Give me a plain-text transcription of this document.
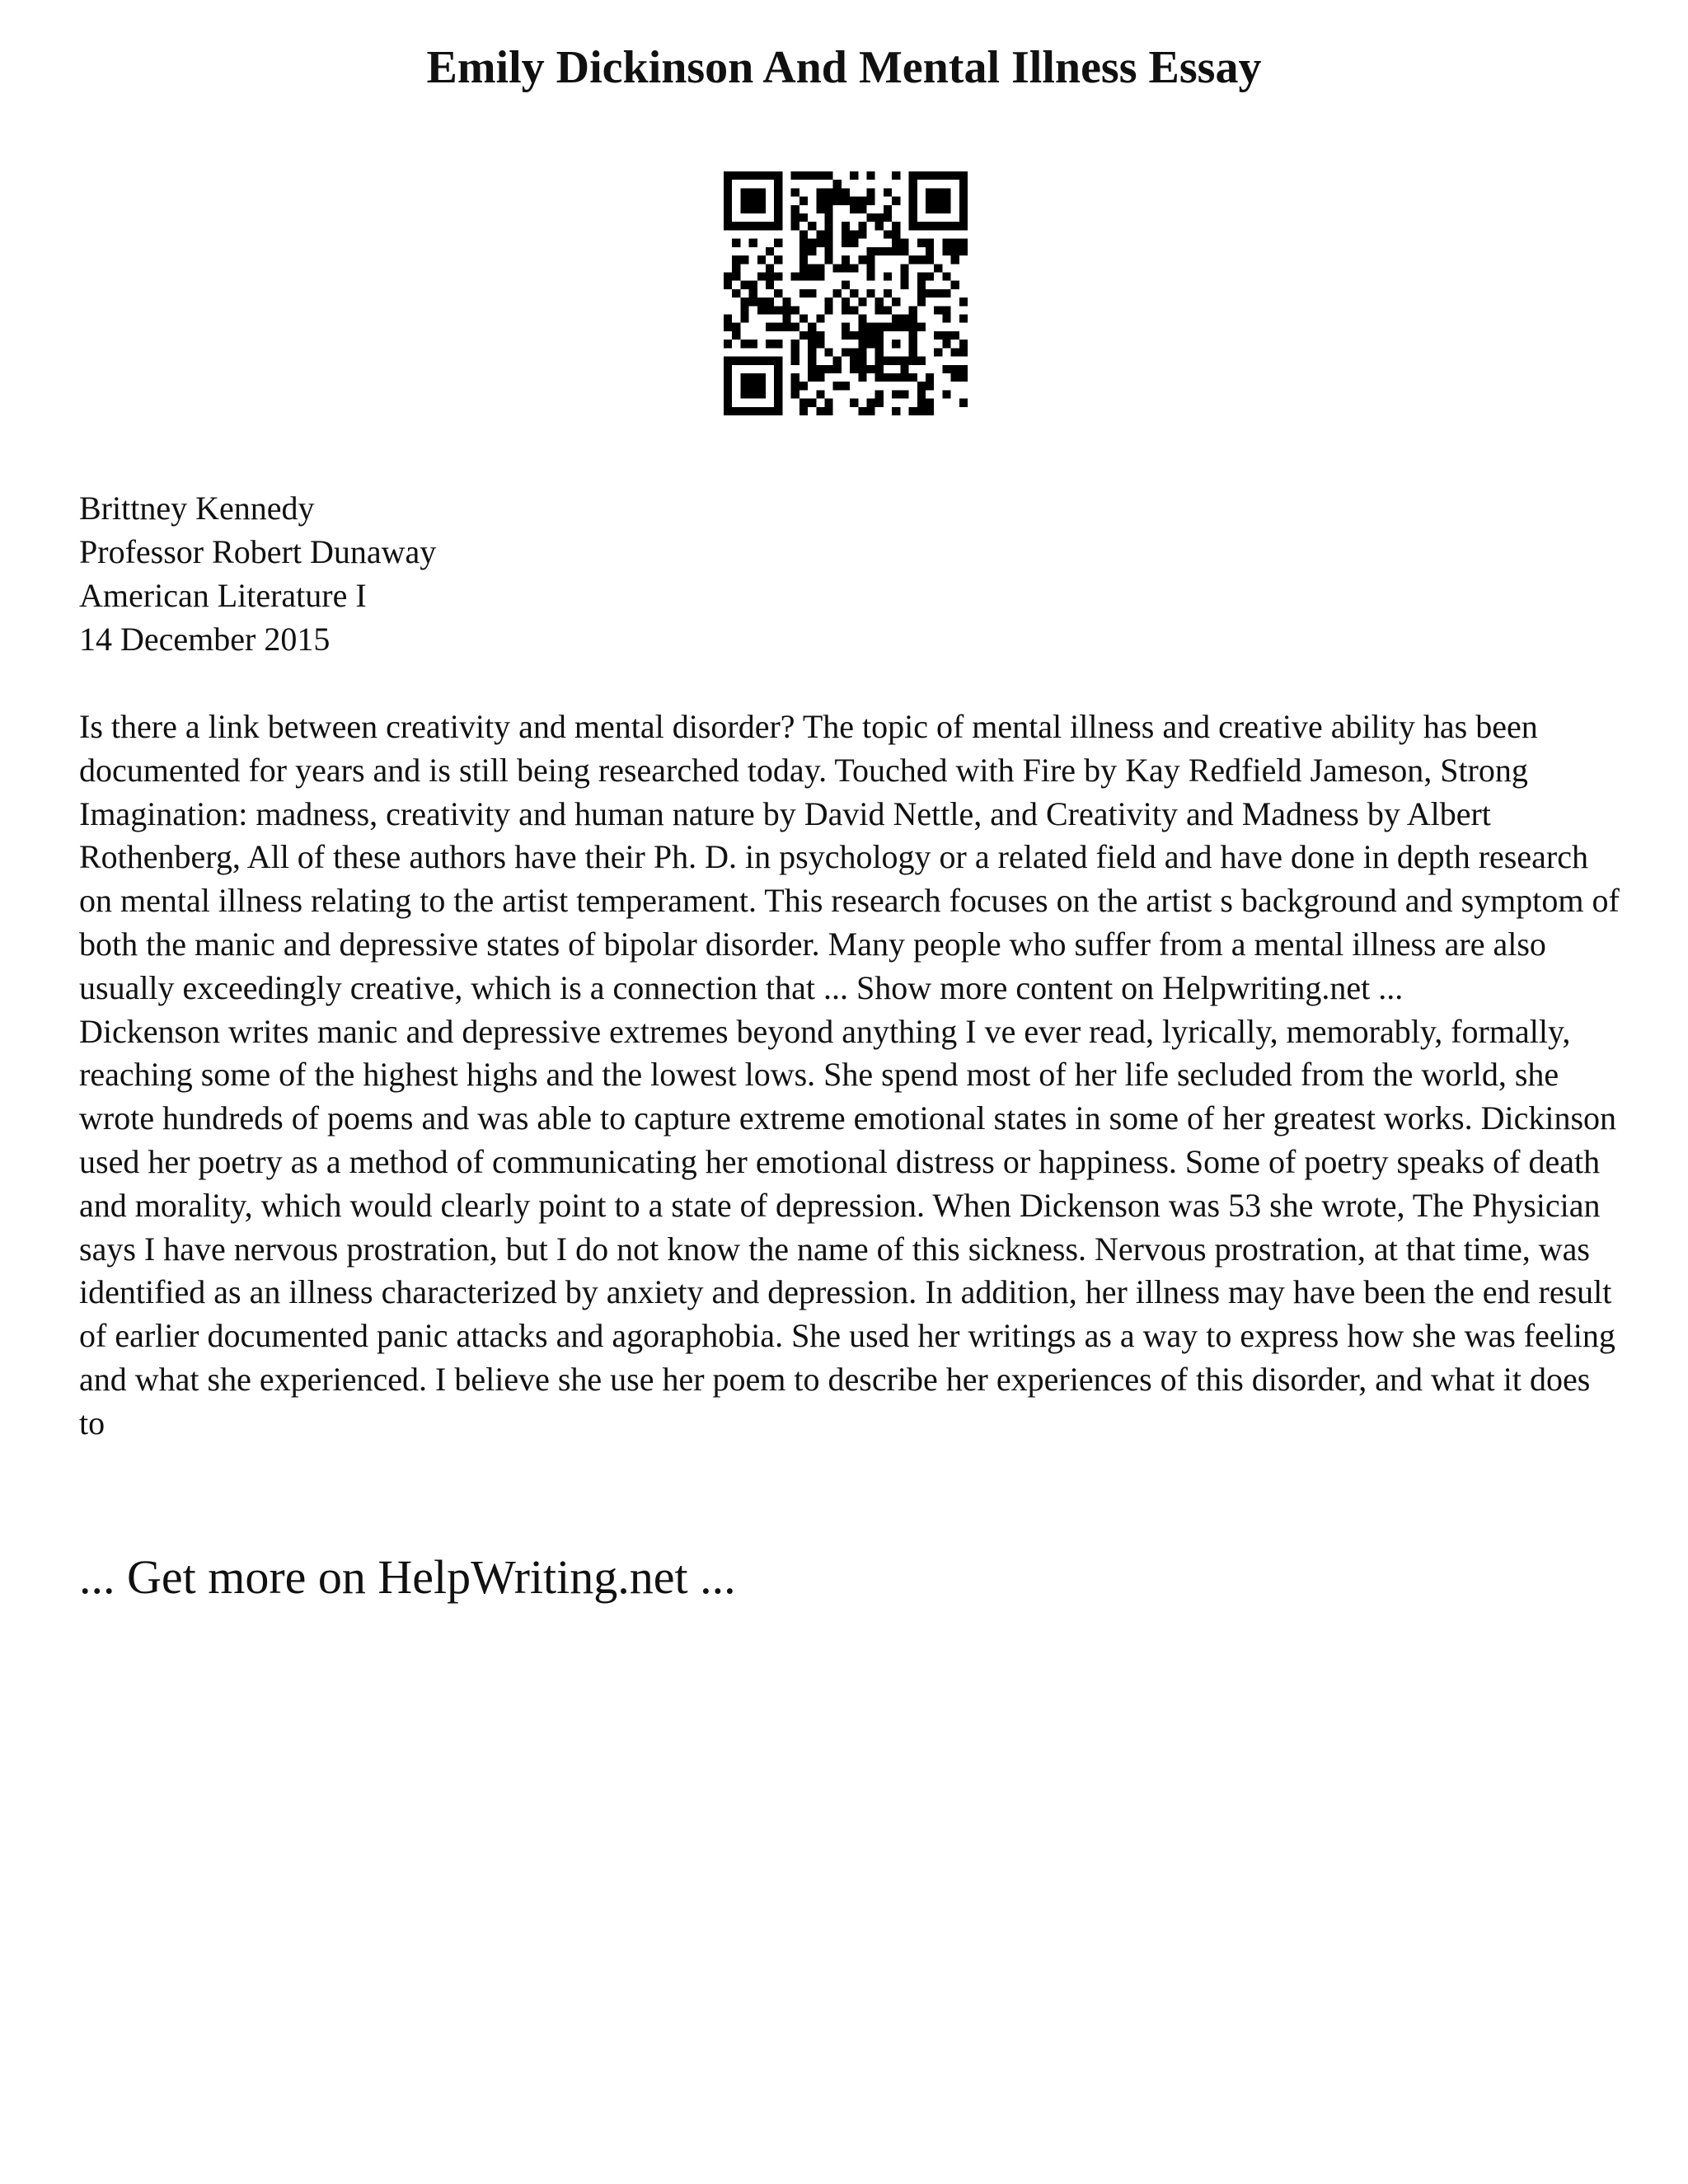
Emily Dickinson And Mental Illness Essay
Brittney Kennedy
Professor Robert Dunaway
American Literature I
14 December 2015

Is there a link between creativity and mental disorder? The topic of mental illness and creative ability has been documented for years and is still being researched today. Touched with Fire by Kay Redfield Jameson, Strong Imagination: madness, creativity and human nature by David Nettle, and Creativity and Madness by Albert Rothenberg, All of these authors have their Ph. D. in psychology or a related field and have done in depth research on mental illness relating to the artist temperament. This research focuses on the artist s background and symptom of both the manic and depressive states of bipolar disorder. Many people who suffer from a mental illness are also usually exceedingly creative, which is a connection that ... Show more content on Helpwriting.net ...

Dickenson writes manic and depressive extremes beyond anything I ve ever read, lyrically, memorably, formally, reaching some of the highest highs and the lowest lows. She spend most of her life secluded from the world, she wrote hundreds of poems and was able to capture extreme emotional states in some of her greatest works. Dickinson used her poetry as a method of communicating her emotional distress or happiness. Some of poetry speaks of death and morality, which would clearly point to a state of depression. When Dickenson was 53 she wrote, The Physician says I have nervous prostration, but I do not know the name of this sickness. Nervous prostration, at that time, was identified as an illness characterized by anxiety and depression. In addition, her illness may have been the end result of earlier documented panic attacks and agoraphobia. She used her writings as a way to express how she was feeling and what she experienced. I believe she use her poem to describe her experiences of this disorder, and what it does to

... Get more on HelpWriting.net ...
